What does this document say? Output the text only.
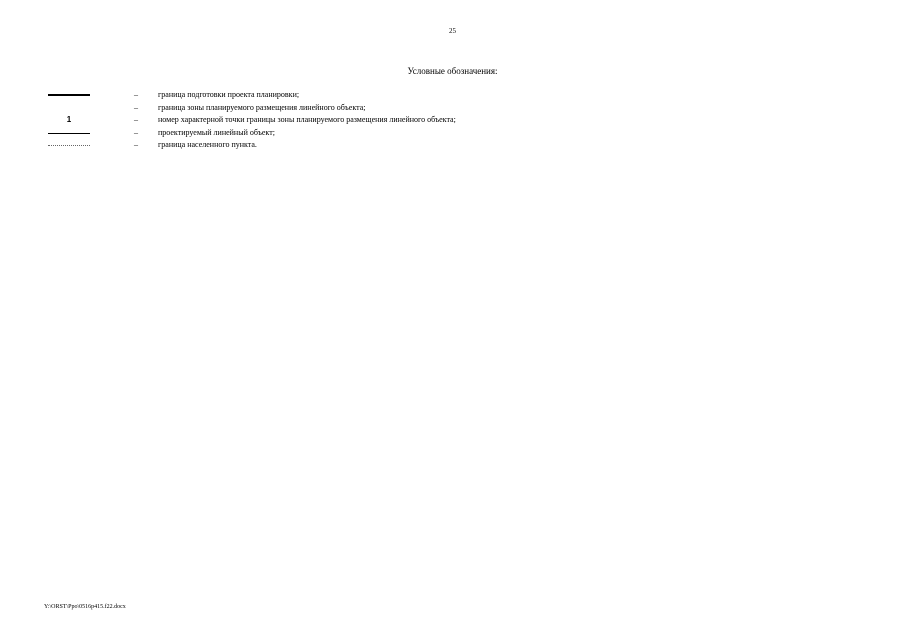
25
Условные обозначения:
–	граница подготовки проекта планировки;
–	граница зоны планируемого размещения линейного объекта;
1	–	номер характерной точки границы зоны планируемого размещения линейного объекта;
–	проектируемый линейный объект;
–	граница населенного пункта.
Y:\ORST\Ppo\0516p415.f22.docx
